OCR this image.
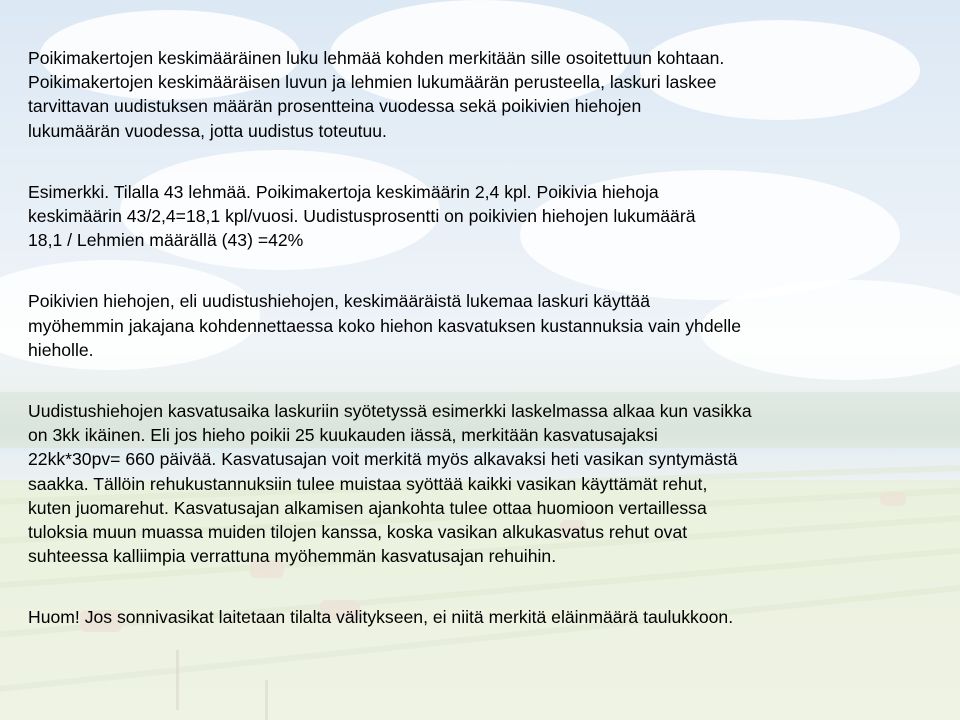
Poikimakertojen keskimääräinen luku lehmää kohden merkitään sille osoitettuun kohtaan.
Poikimakertojen keskimääräisen luvun ja lehmien lukumäärän perusteella, laskuri laskee
tarvittavan uudistuksen määrän prosentteina vuodessa sekä poikivien hiehojen
lukumäärän vuodessa, jotta uudistus toteutuu.

Esimerkki. Tilalla 43 lehmää. Poikimakertoja keskimäärin 2,4 kpl. Poikivia hiehoja
keskimäärin 43/2,4=18,1 kpl/vuosi. Uudistusprosentti on poikivien hiehojen lukumäärä
18,1 / Lehmien määrällä (43) =42%

Poikivien hiehojen, eli uudistushiehojen, keskimääräistä lukemaa laskuri käyttää
myöhemmin jakajana kohdennettaessa koko hiehon kasvatuksen kustannuksia vain yhdelle
hieholle.

Uudistushiehojen kasvatusaika laskuriin syötetyssä esimerkki laskelmassa alkaa kun vasikka
on 3kk ikäinen. Eli jos hieho poikii 25 kuukauden iässä, merkitään kasvatusajaksi
22kk*30pv= 660 päivää. Kasvatusajan voit merkitä myös alkavaksi heti vasikan syntymästä
saakka. Tällöin rehukustannuksiin tulee muistaa syöttää kaikki vasikan käyttämät rehut,
kuten juomarehut. Kasvatusajan alkamisen ajankohta tulee ottaa huomioon vertaillessa
tuloksia muun muassa muiden tilojen kanssa, koska vasikan alkukasvatus rehut ovat
suhteessa kalliimpia verrattuna myöhemmän kasvatusajan rehuihin.

Huom! Jos sonnivasikat laitetaan tilalta välitykseen, ei niitä merkitä eläinmäärä taulukkoon.
